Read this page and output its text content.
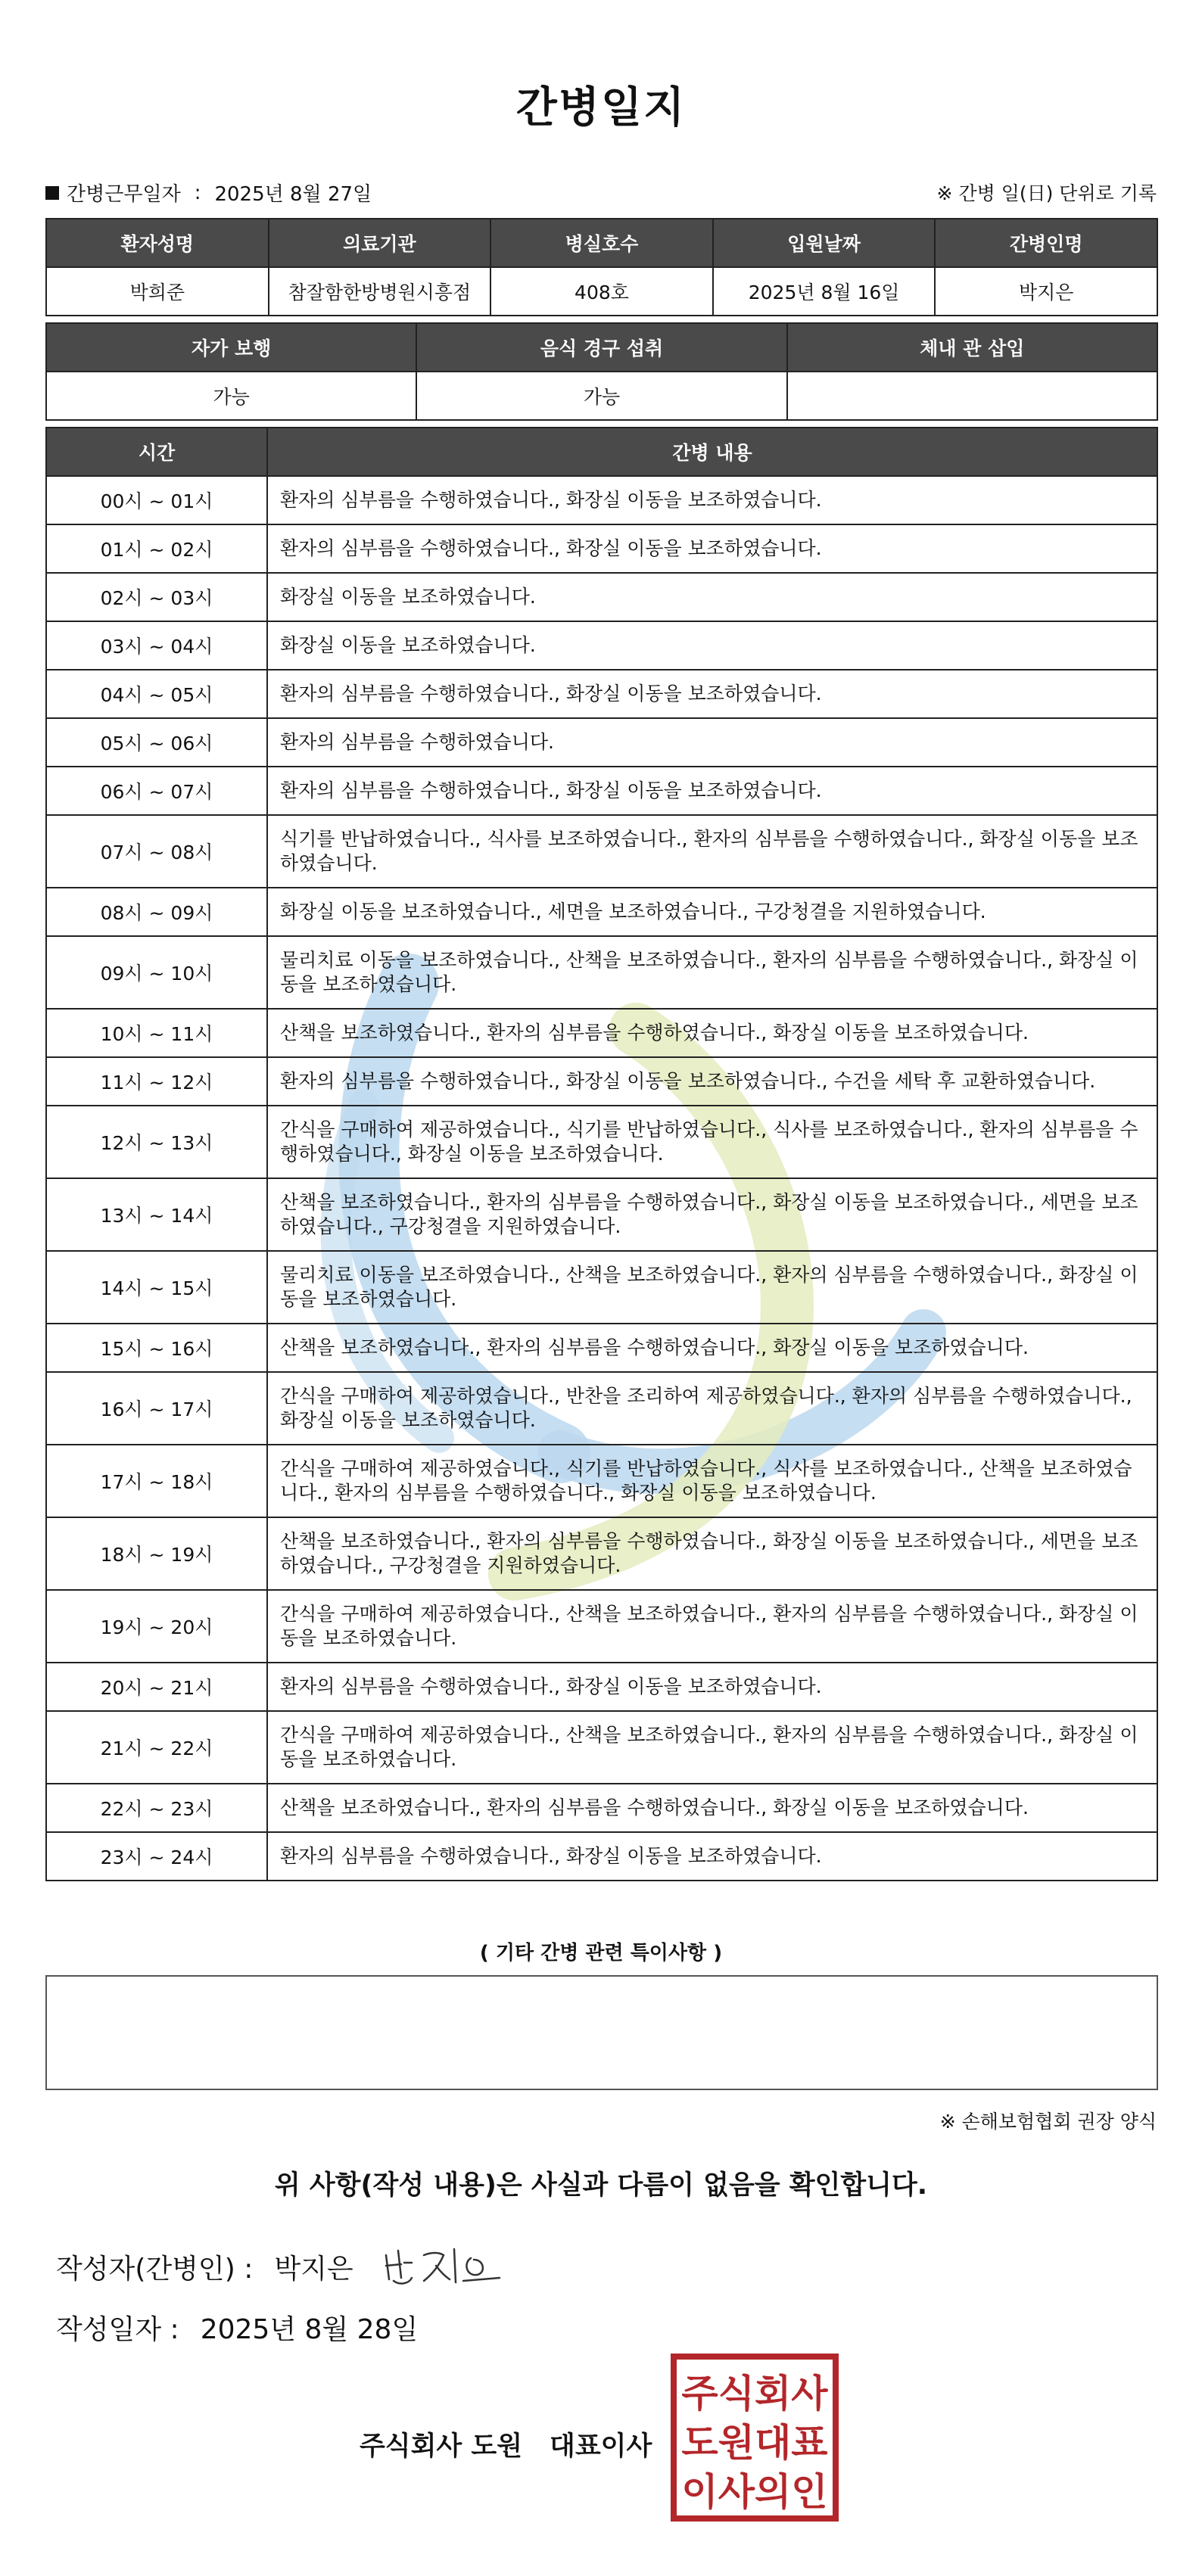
간병일지
간병근무일자 : 2025년 8월 27일	※ 간병 일(日) 단위로 기록
환자성명	의료기관	병실호수	입원날짜	간병인명
박희준	참잘함한방병원시흥점	408호	2025년 8월 16일	박지은
자가 보행	음식 경구 섭취	체내 관 삽입
가능	가능	
시간	간병 내용
00시 ~ 01시	환자의 심부름을 수행하였습니다., 화장실 이동을 보조하였습니다.
01시 ~ 02시	환자의 심부름을 수행하였습니다., 화장실 이동을 보조하였습니다.
02시 ~ 03시	화장실 이동을 보조하였습니다.
03시 ~ 04시	화장실 이동을 보조하였습니다.
04시 ~ 05시	환자의 심부름을 수행하였습니다., 화장실 이동을 보조하였습니다.
05시 ~ 06시	환자의 심부름을 수행하였습니다.
06시 ~ 07시	환자의 심부름을 수행하였습니다., 화장실 이동을 보조하였습니다.
07시 ~ 08시	식기를 반납하였습니다., 식사를 보조하였습니다., 환자의 심부름을 수행하였습니다., 화장실 이동을 보조하였습니다.
08시 ~ 09시	화장실 이동을 보조하였습니다., 세면을 보조하였습니다., 구강청결을 지원하였습니다.
09시 ~ 10시	물리치료 이동을 보조하였습니다., 산책을 보조하였습니다., 환자의 심부름을 수행하였습니다., 화장실 이동을 보조하였습니다.
10시 ~ 11시	산책을 보조하였습니다., 환자의 심부름을 수행하였습니다., 화장실 이동을 보조하였습니다.
11시 ~ 12시	환자의 심부름을 수행하였습니다., 화장실 이동을 보조하였습니다., 수건을 세탁 후 교환하였습니다.
12시 ~ 13시	간식을 구매하여 제공하였습니다., 식기를 반납하였습니다., 식사를 보조하였습니다., 환자의 심부름을 수행하였습니다., 화장실 이동을 보조하였습니다.
13시 ~ 14시	산책을 보조하였습니다., 환자의 심부름을 수행하였습니다., 화장실 이동을 보조하였습니다., 세면을 보조하였습니다., 구강청결을 지원하였습니다.
14시 ~ 15시	물리치료 이동을 보조하였습니다., 산책을 보조하였습니다., 환자의 심부름을 수행하였습니다., 화장실 이동을 보조하였습니다.
15시 ~ 16시	산책을 보조하였습니다., 환자의 심부름을 수행하였습니다., 화장실 이동을 보조하였습니다.
16시 ~ 17시	간식을 구매하여 제공하였습니다., 반찬을 조리하여 제공하였습니다., 환자의 심부름을 수행하였습니다., 화장실 이동을 보조하였습니다.
17시 ~ 18시	간식을 구매하여 제공하였습니다., 식기를 반납하였습니다., 식사를 보조하였습니다., 산책을 보조하였습니다., 환자의 심부름을 수행하였습니다., 화장실 이동을 보조하였습니다.
18시 ~ 19시	산책을 보조하였습니다., 환자의 심부름을 수행하였습니다., 화장실 이동을 보조하였습니다., 세면을 보조하였습니다., 구강청결을 지원하였습니다.
19시 ~ 20시	간식을 구매하여 제공하였습니다., 산책을 보조하였습니다., 환자의 심부름을 수행하였습니다., 화장실 이동을 보조하였습니다.
20시 ~ 21시	환자의 심부름을 수행하였습니다., 화장실 이동을 보조하였습니다.
21시 ~ 22시	간식을 구매하여 제공하였습니다., 산책을 보조하였습니다., 환자의 심부름을 수행하였습니다., 화장실 이동을 보조하였습니다.
22시 ~ 23시	산책을 보조하였습니다., 환자의 심부름을 수행하였습니다., 화장실 이동을 보조하였습니다.
23시 ~ 24시	환자의 심부름을 수행하였습니다., 화장실 이동을 보조하였습니다.
( 기타 간병 관련 특이사항 )
※ 손해보험협회 권장 양식
위 사항(작성 내용)은 사실과 다름이 없음을 확인합니다.
작성자(간병인) : 박지은
작성일자 : 2025년 8월 28일
주식회사 도원 대표이사
주식회사
도원대표
이사의인
